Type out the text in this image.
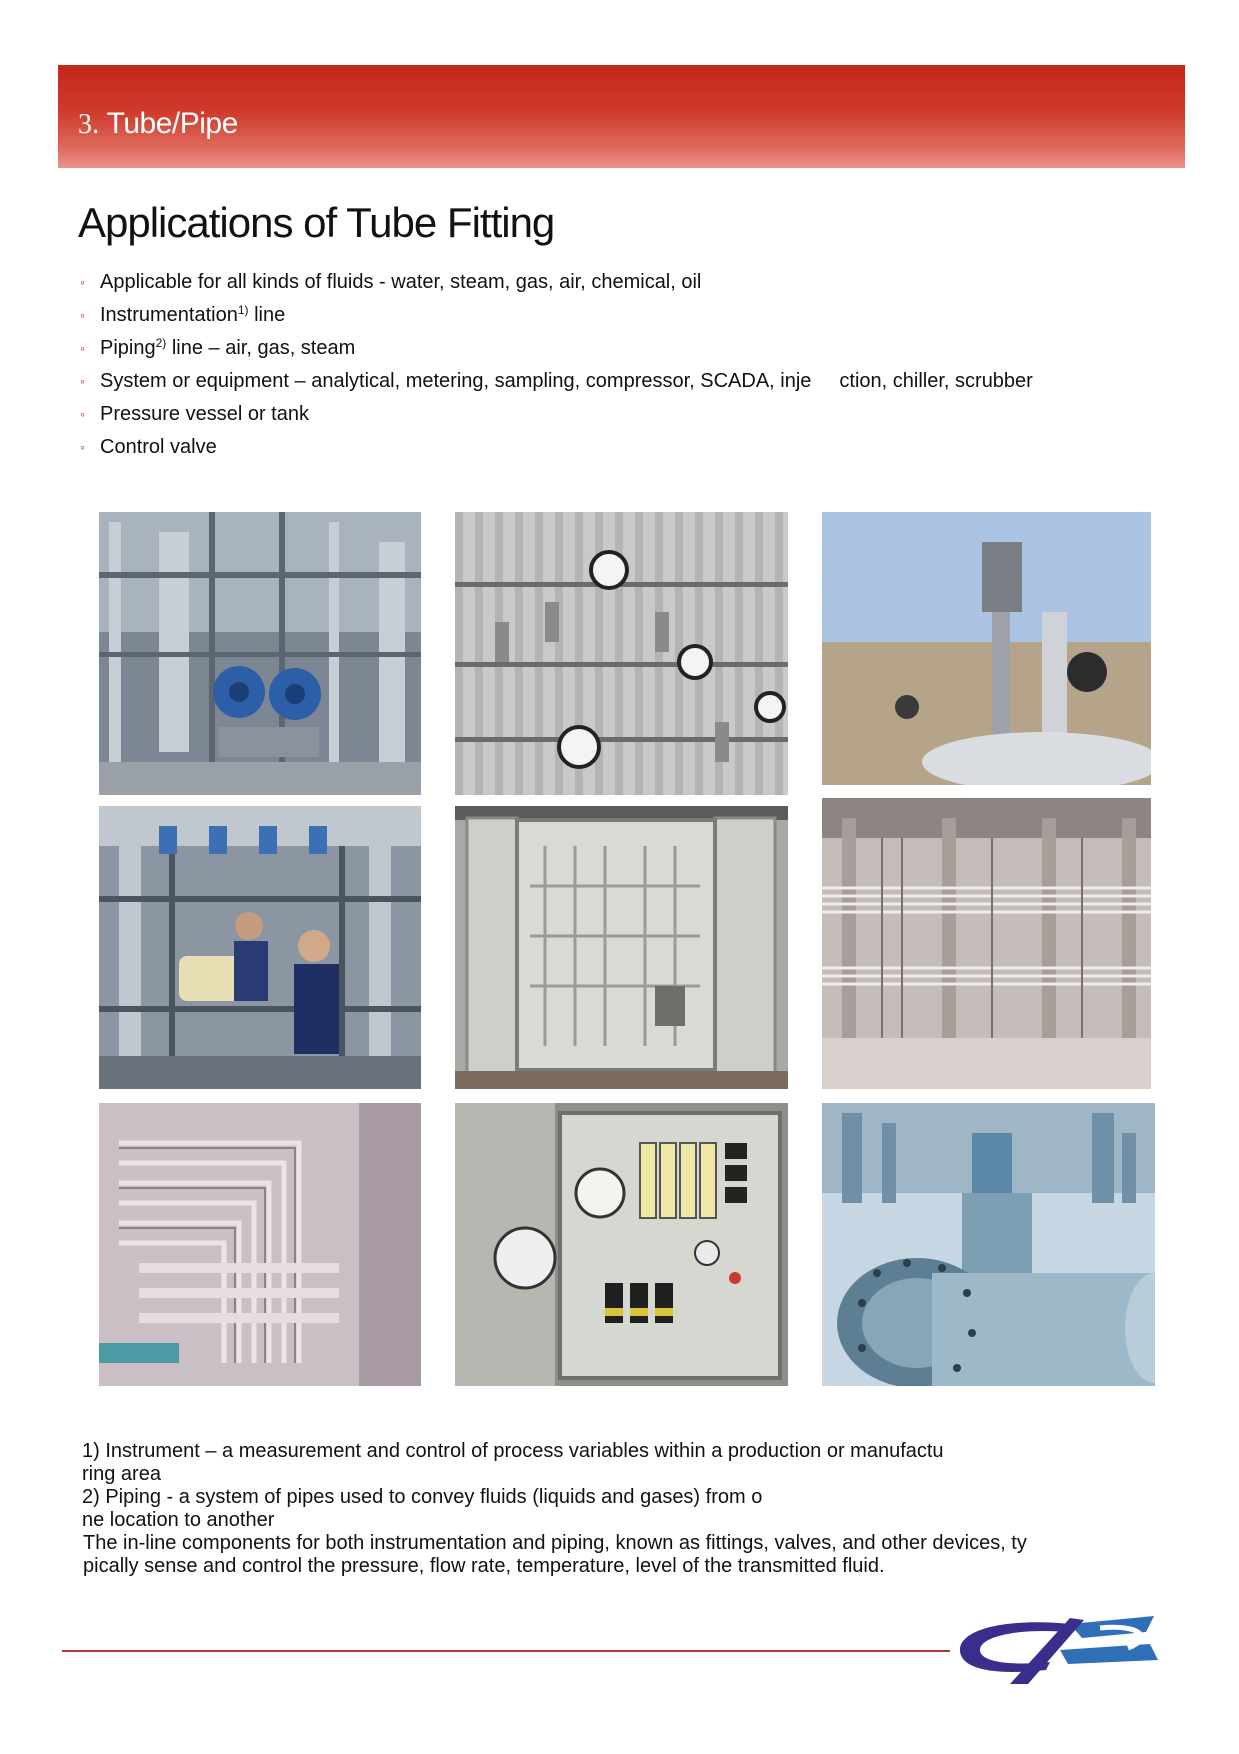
3. Tube/Pipe
Applications of Tube Fitting
◦ Applicable for all kinds of fluids - water, steam, gas, air, chemical, oil
◦ Instrumentation$^{1)}$ line
◦ Piping$^{2)}$ line – air, gas, steam
◦ System or equipment – analytical, metering, sampling, compressor, SCADA, inje ction, chiller, scrubber
◦ Pressure vessel or tank
◦ Control valve

1) Instrument – a measurement and control of process variables within a production or manufactu

ring area

2) Piping - a system of pipes used to convey fluids (liquids and gases) from o

ne location to another

The in-line components for both instrumentation and piping, known as fittings, valves, and other devices, ty

pically sense and control the pressure, flow rate, temperature, level of the transmitted fluid.

&
